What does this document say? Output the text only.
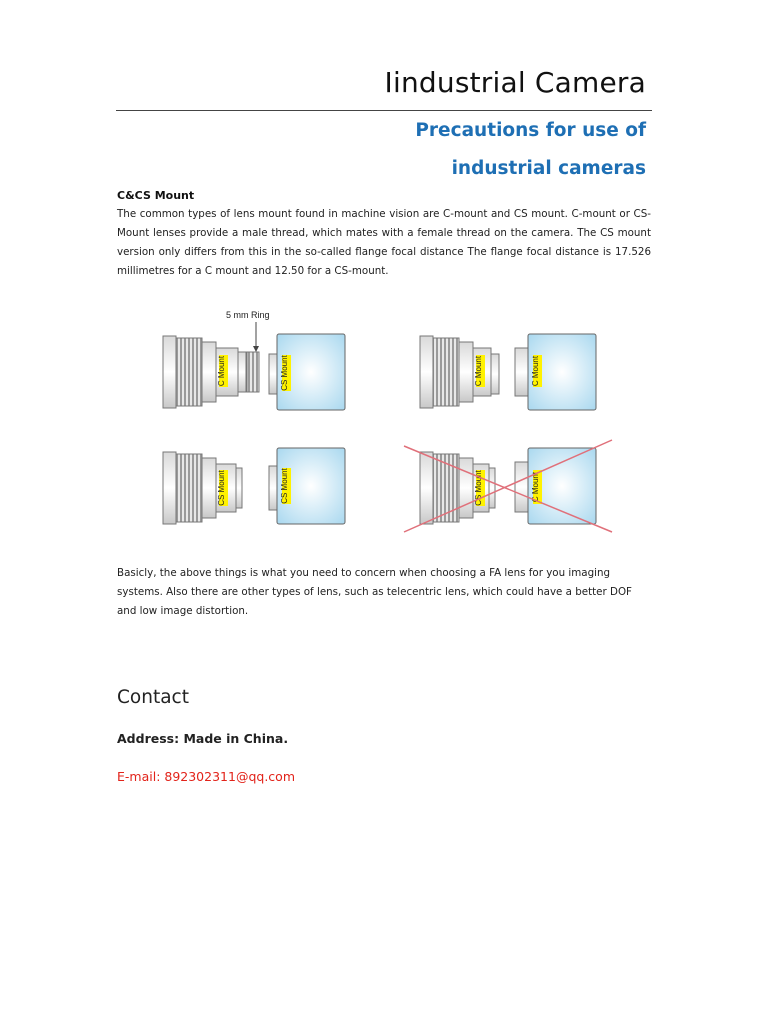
Iindustrial Camera
Precautions for use of
industrial cameras
C&CS Mount
The common types of lens mount found in machine vision are C-mount and CS mount. C-mount or CS-Mount lenses provide a male thread, which mates with a female thread on the camera. The CS mount version only differs from this in the so-called flange focal distance The flange focal distance is 17.526 millimetres for a C mount and 12.50 for a CS-mount.
C Mount
5 mm Ring
CS Mount	C Mount	C Mount
CS Mount	CS Mount	CS Mount	C Mount
Basicly, the above things is what you need to concern when choosing a FA lens for you imaging systems. Also there are other types of lens, such as telecentric lens, which could have a better DOF and low image distortion.
Contact
Address: Made in China.
E-mail: 892302311@qq.com
